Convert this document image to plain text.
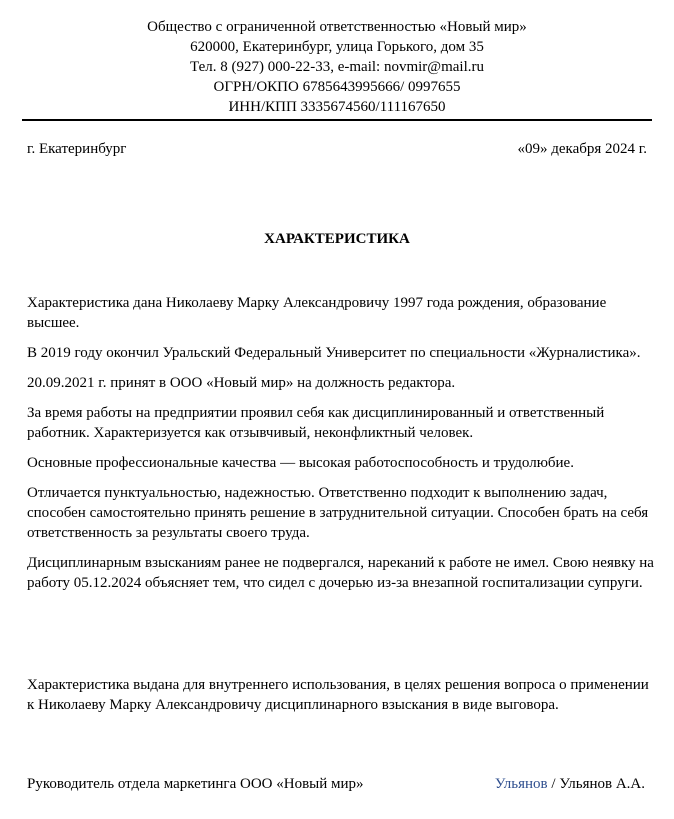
Общество с ограниченной ответственностью «Новый мир»
620000, Екатеринбург, улица Горького, дом 35
Тел. 8 (927) 000-22-33, e-mail: novmir@mail.ru
ОГРН/ОКПО 6785643995666/ 0997655
ИНН/КПП 3335674560/111167650
г. Екатеринбург	«09» декабря 2024 г.
ХАРАКТЕРИСТИКА

Характеристика дана Николаеву Марку Александровичу 1997 года рождения, образование высшее.

В 2019 году окончил Уральский Федеральный Университет по специальности «Журналистика».

20.09.2021 г. принят в ООО «Новый мир» на должность редактора.

За время работы на предприятии проявил себя как дисциплинированный и ответственный работник. Характеризуется как отзывчивый, неконфликтный человек.

Основные профессиональные качества — высокая работоспособность и трудолюбие.

Отличается пунктуальностью, надежностью. Ответственно подходит к выполнению задач, способен самостоятельно принять решение в затруднительной ситуации. Способен брать на себя ответственность за результаты своего труда.

Дисциплинарным взысканиям ранее не подвергался, нареканий к работе не имел. Свою неявку на работу 05.12.2024 объясняет тем, что сидел с дочерью из-за внезапной госпитализации супруги.

Характеристика выдана для внутреннего использования, в целях решения вопроса о применении к Николаеву Марку Александровичу дисциплинарного взыскания в виде выговора.

Руководитель отдела маркетинга ООО «Новый мир»	Ульянов / Ульянов А.А.
